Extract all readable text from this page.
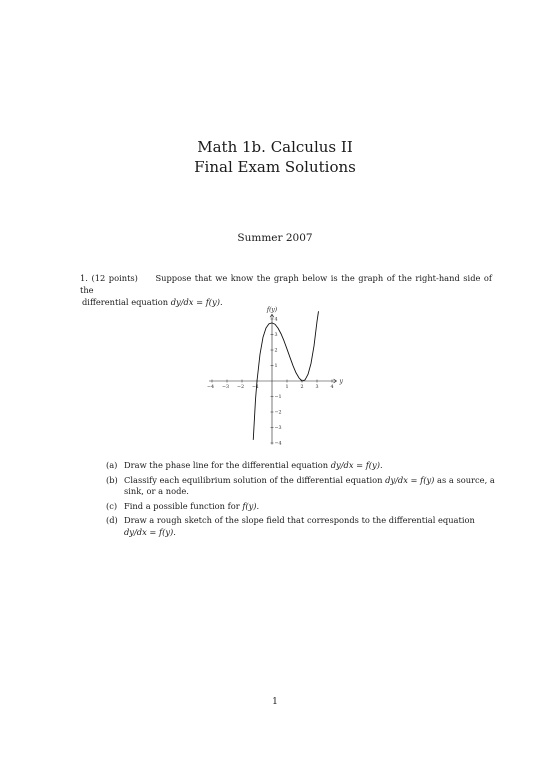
Math 1b. Calculus II
Final Exam Solutions
Summer 2007
1. (12 points) Suppose that we know the graph below is the graph of the right-hand side of the
differential equation dy/dx = f(y).
f(y)
y
−4 −3 −2 −1	1 2 3 4
1
2
3
4
−1
−2
−3
−4
(a) Draw the phase line for the differential equation dy/dx = f(y).
(b) Classify each equilibrium solution of the differential equation dy/dx = f(y) as a source, a sink, or a node.
(c) Find a possible function for f(y).
(d) Draw a rough sketch of the slope field that corresponds to the differential equation dy/dx = f(y).
1
